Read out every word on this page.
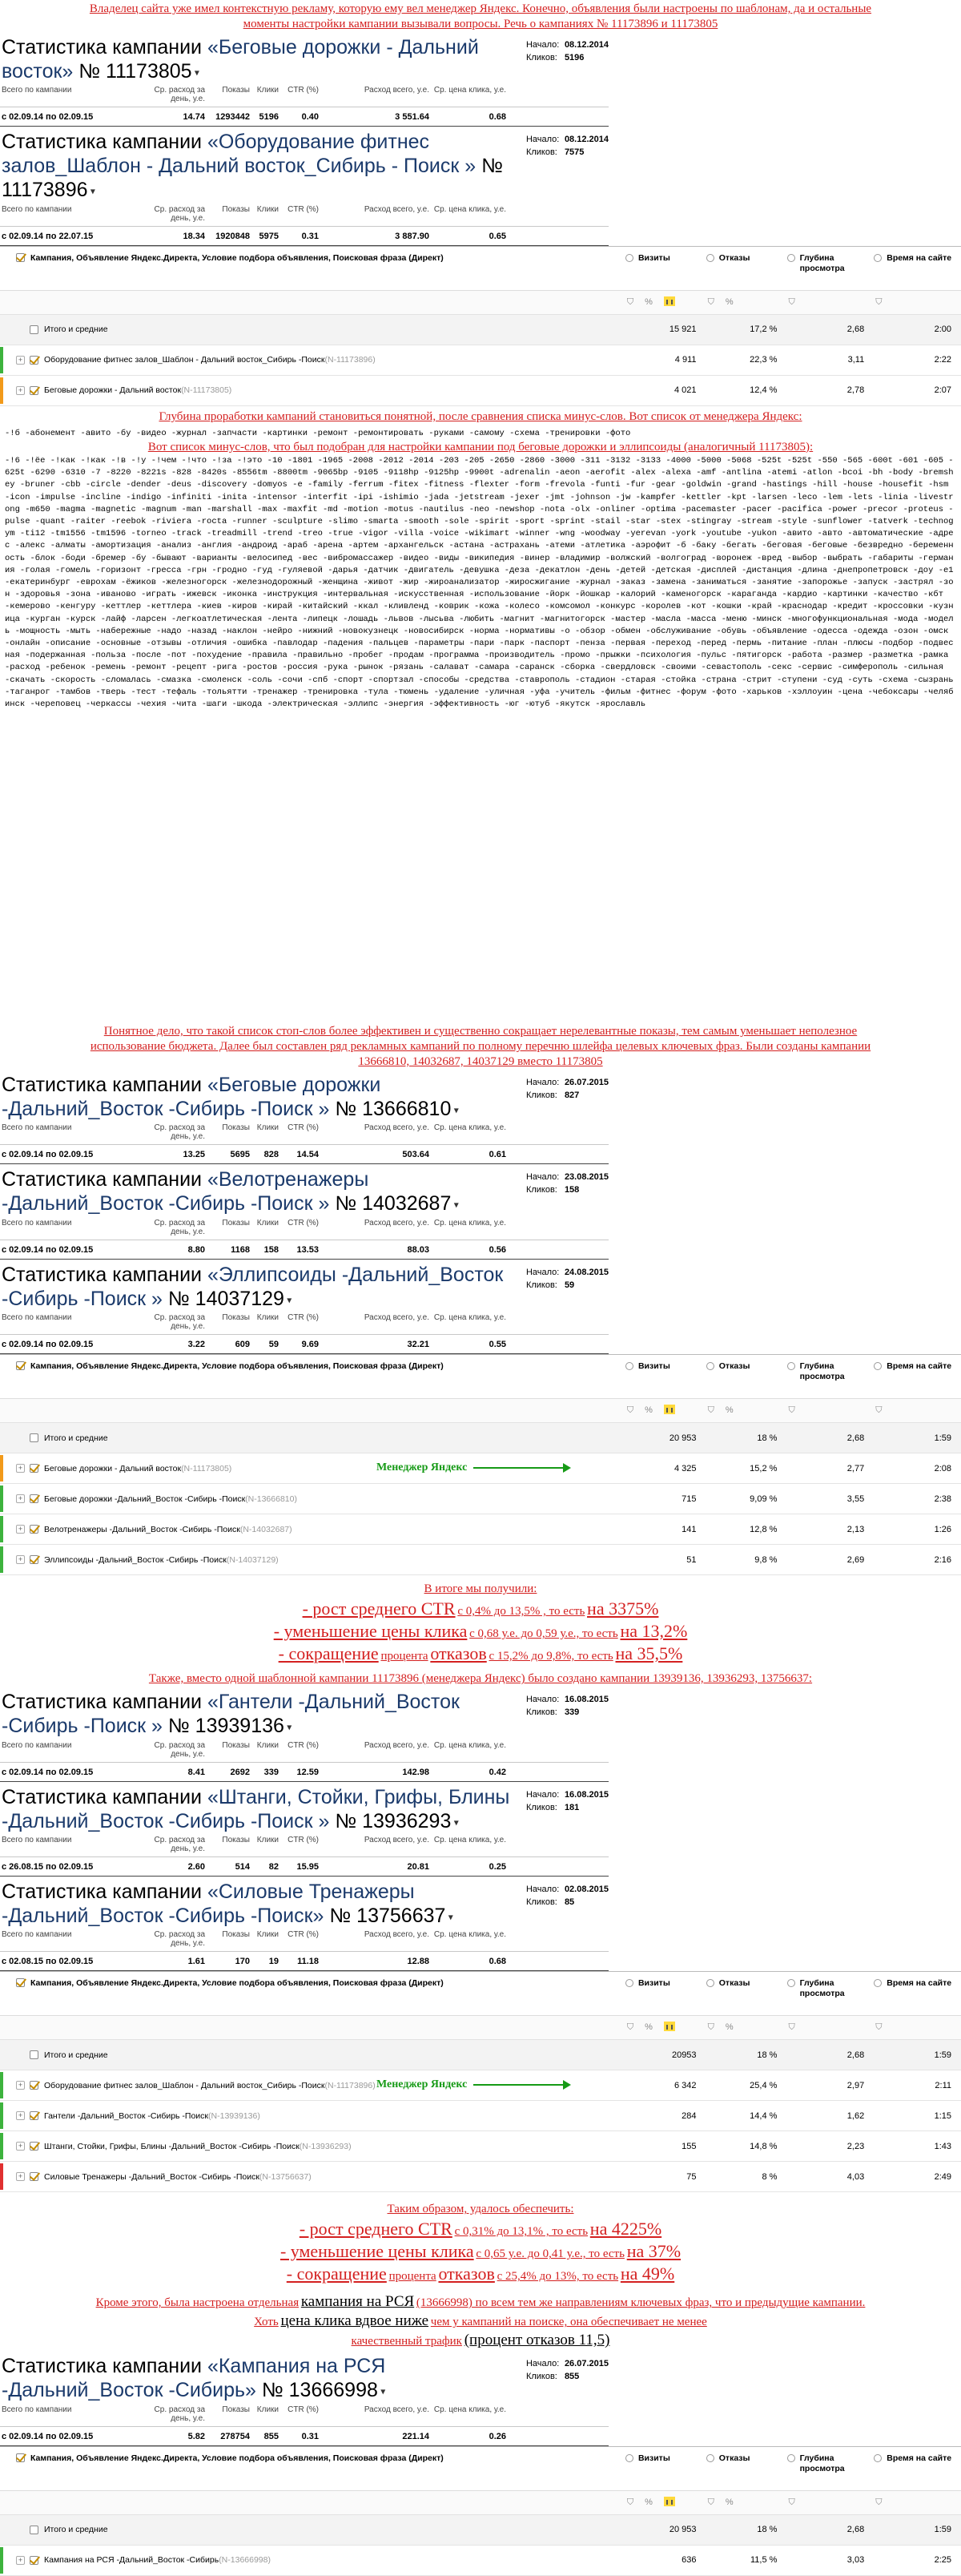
Владелец сайта уже имел контекстную рекламу, которую ему вел менеджер Яндекс. Конечно, объявления были настроены по шаблонам, да и остальные моменты настройки кампании вызывали вопросы. Речь о кампаниях № 11173896 и 11173805
Статистика кампании «Беговые дорожки - Дальний восток» № 11173805 ▾
Начало: 08.12.2014
Кликов: 5196
Всего по кампании	Ср. расход за день, у.е.
Показы Клики	CTR (%)	Расход всего, у.е. Ср. цена клика, у.е.
с 02.09.14 по 02.09.15	14.74	1293442	5196	0.40	3 551.64	0.68
Статистика кампании «Оборудование фитнес залов_Шаблон - Дальний восток_Сибирь - Поиск » № 11173896 ▾
Начало: 08.12.2014
Кликов: 7575
Всего по кампании	Ср. расход за день, у.е.
Показы Клики	CTR (%)	Расход всего, у.е. Ср. цена клика, у.е.
с 02.09.14 по 22.07.15	18.34	1920848	5975	0.31	3 887.90	0.65
Кампания, Объявление Яндекс.Директа, Условие подбора объявления, Поисковая фраза (Директ)	Визиты	Отказы	Глубина просмотра
Время на сайте
⛉ %	⛉ %	⛉	⛉
Итого и средние	15 921	17,2 %	2,68	2:00
+	Оборудование фитнес залов_Шаблон - Дальний восток_Сибирь -Поиск (N-11173896)	4 911	22,3 %	3,11	2:22
+	Беговые дорожки - Дальний восток (N-11173805)	4 021	12,4 %	2,78	2:07
Глубина проработки кампаний становиться понятной, после сравнения списка минус-слов. Вот список от менеджера Яндекс:
-!б -абонемент -авито -бу -видео -журнал -запчасти -картинки -ремонт -ремонтировать -руками -самому -схема -тренировки -фото
Вот список минус-слов, что был подобран для настройки кампании под беговые дорожки и эллипсоиды (аналогичный 11173805):
-!6 -!ёе -!как -!как -!в -!у -!чем -!что -!за -!это -10 -1801 -1965 -2008 -2012 -2014 -203 -205 -2650 -2860 -3000 -311 -3132 -3133 -4000 -5000 -5068 -525t -525t -550 -565 -600t -601 -605 -625t -6290 -6310 -7 -8220 -8221s -828 -8420s -8556tm -8800tm -9065bp -9105 -9118hp -9125hp -9900t -adrenalin -aeon -aerofit -alex -alexa -amf -antlina -atemi -atlon -bcoi -bh -body -bremshey -bruner -cbb -circle -dender -deus -discovery -domyos -e -family -ferrum -fitex -fitness -flexter -form -frevola -funti -fur -gear -goldwin -grand -hastings -hill -house -housefit -hsm -icon -impulse -incline -indigo -infiniti -inita -intensor -interfit -ipi -ishimio -jada -jetstream -jexer -jmt -johnson -jw -kampfer -kettler -kpt -larsen -leco -lem -lets -linia -livestrong -m650 -magma -magnetic -magnum -man -marshall -max -maxfit -md -motion -motus -nautilus -neo -newshop -nota -olx -onliner -optima -pacemaster -pacer -pacifica -power -precor -proteus -pulse -quant -raiter -reebok -riviera -rocta -runner -sculpture -slimo -smarta -smooth -sole -spirit -sport -sprint -stail -star -stex -stingray -stream -style -sunflower -tatverk -technogym -ti12 -tm1556 -tm1596 -torneo -track -treadmill -trend -treo -true -vigor -villa -voice -wikimart -winner -wng -woodway -yerevan -york -youtube -yukon -авито -авто -автоматические -адрес -алекс -алматы -амортизация -анализ -англия -андроид -араб -арена -артем -архангельск -астана -астрахань -атеми -атлетика -аэрофит -б -баку -бегать -беговая -беговые -безвредно -беременность -блок -боди -бремер -бу -бывают -варианты -велосипед -вес -вибромассажер -видео -виды -википедия -винер -владимир -волжский -волгоград -воронеж -вред -выбор -выбрать -габариты -германия -голая -гомель -горизонт -гресса -грн -гродно -гуд -гуляевой -дарья -датчик -двигатель -девушка -деза -декатлон -день -детей -детская -дисплей -дистанция -длина -днепропетровск -доу -е1 -екатеринбург -еврохам -ёжиков -железногорск -железнодорожный -женщина -живот -жир -жироанализатор -жиросжигание -журнал -заказ -замена -заниматься -занятие -запорожье -запуск -застрял -зон -здоровья -зона -иваново -играть -ижевск -иконка -инструкция -интервальная -искусственная -использование -йорк -йошкар -калорий -каменогорск -караганда -кардио -картинки -качество -кбт -кемерово -кенгуру -кеттлер -кеттлера -киев -киров -кирай -китайский -ккал -кливленд -коврик -кожа -колесо -комсомол -конкурс -королев -кот -кошки -край -краснодар -кредит -кроссовки -кузница -курган -курск -лайф -ларсен -легкоатлетическая -лента -липецк -лошадь -львов -лысьва -любить -магнит -магнитогорск -мастер -масла -масса -меню -минск -многофункциональная -мода -модель -мощность -мыть -набережные -надо -назад -наклон -нейро -нижний -новокузнецк -новосибирск -норма -нормативы -о -обзор -обмен -обслуживание -обувь -объявление -одесса -одежда -озон -омск -онлайн -описание -основные -отзывы -отличия -ошибка -павлодар -падения -пальцев -параметры -пари -парк -паспорт -пенза -первая -переход -перед -пермь -питание -план -плюсы -подбор -подвесная -подержанная -польза -после -пот -похудение -правила -правильно -пробег -продам -программа -производитель -промо -прыжки -психология -пульс -пятигорск -работа -размер -разметка -рамка -расход -ребенок -ремень -ремонт -рецепт -рига -ростов -россия -рука -рынок -рязань -салават -самара -саранск -сборка -свердловск -своими -севастополь -секс -сервис -симферополь -сильная -скачать -скорость -сломалась -смазка -смоленск -соль -сочи -спб -спорт -спортзал -способы -средства -ставрополь -стадион -старая -стойка -страна -стрит -ступени -суд -суть -схема -сызрань -таганрог -тамбов -тверь -тест -тефаль -тольятти -тренажер -тренировка -тула -тюмень -удаление -уличная -уфа -учитель -фильм -фитнес -форум -фото -харьков -хэллоуин -цена -чебоксары -челябинск -череповец -черкассы -чехия -чита -шаги -шкода -электрическая -эллипс -энергия -эффективность -юг -ютуб -якутск -ярославль
Понятное дело, что такой список стоп-слов более эффективен и существенно сокращает нерелевантные показы, тем самым уменьшает неполезное использование бюджета. Далее был составлен ряд рекламных кампаний по полному перечню шлейфа целевых ключевых фраз. Были созданы кампании 13666810, 14032687, 14037129 вместо 11173805
Статистика кампании «Беговые дорожки -Дальний_Восток -Сибирь -Поиск » № 13666810 ▾
Начало: 26.07.2015
Кликов: 827
Всего по кампании	Ср. расход за день, у.е.
Показы Клики	CTR (%)	Расход всего, у.е. Ср. цена клика, у.е.
с 02.09.14 по 02.09.15	13.25	5695	828	14.54	503.64	0.61
Статистика кампании «Велотренажеры -Дальний_Восток -Сибирь -Поиск » № 14032687 ▾
Начало: 23.08.2015
Кликов: 158
Всего по кампании	Ср. расход за день, у.е.
Показы Клики	CTR (%)	Расход всего, у.е. Ср. цена клика, у.е.
с 02.09.14 по 02.09.15	8.80	1168	158	13.53	88.03	0.56
Статистика кампании «Эллипсоиды -Дальний_Восток -Сибирь -Поиск » № 14037129 ▾
Начало: 24.08.2015
Кликов: 59
Всего по кампании	Ср. расход за день, у.е.
Показы Клики	CTR (%)	Расход всего, у.е. Ср. цена клика, у.е.
с 02.09.14 по 02.09.15	3.22	609	59	9.69	32.21	0.55
Кампания, Объявление Яндекс.Директа, Условие подбора объявления, Поисковая фраза (Директ)	Визиты	Отказы	Глубина просмотра
Время на сайте
⛉ %	⛉ %	⛉	⛉
Итого и средние	20 953	18 %	2,68	1:59
+	Беговые дорожки - Дальний восток (N-11173805)	Менеджер Яндекс	4 325	15,2 %	2,77	2:08
+	Беговые дорожки -Дальний_Восток -Сибирь -Поиск (N-13666810)	715	9,09 %	3,55	2:38
+	Велотренажеры -Дальний_Восток -Сибирь -Поиск (N-14032687)	141	12,8 %	2,13	1:26
+	Эллипсоиды -Дальний_Восток -Сибирь -Поиск (N-14037129)	51	9,8 %	2,69	2:16
В итоге мы получили:
- рост среднего CTR с 0,4% до 13,5% , то есть на 3375%
- уменьшение цены клика с 0,68 у.е. до 0,59 у.е., то есть на 13,2%
- сокращение процента отказов с 15,2% до 9,8%, то есть на 35,5%
Также, вместо одной шаблонной кампании 11173896 (менеджера Яндекс) было создано кампании 13939136, 13936293, 13756637:
Статистика кампании «Гантели -Дальний_Восток -Сибирь -Поиск » № 13939136 ▾
Начало: 16.08.2015
Кликов: 339
Всего по кампании	Ср. расход за день, у.е.
Показы Клики	CTR (%)	Расход всего, у.е. Ср. цена клика, у.е.
с 02.09.14 по 02.09.15	8.41	2692	339	12.59	142.98	0.42
Статистика кампании «Штанги, Стойки, Грифы, Блины -Дальний_Восток -Сибирь -Поиск » № 13936293 ▾
Начало: 16.08.2015
Кликов: 181
Всего по кампании	Ср. расход за день, у.е.
Показы Клики	CTR (%)	Расход всего, у.е. Ср. цена клика, у.е.
с 26.08.15 по 02.09.15	2.60	514	82	15.95	20.81	0.25
Статистика кампании «Силовые Тренажеры -Дальний_Восток -Сибирь -Поиск» № 13756637 ▾
Начало: 02.08.2015
Кликов: 85
Всего по кампании	Ср. расход за день, у.е.
Показы Клики	CTR (%)	Расход всего, у.е. Ср. цена клика, у.е.
с 02.08.15 по 02.09.15	1.61	170	19	11.18	12.88	0.68
Кампания, Объявление Яндекс.Директа, Условие подбора объявления, Поисковая фраза (Директ)	Визиты	Отказы	Глубина просмотра
Время на сайте
⛉ %	⛉ %	⛉	⛉
Итого и средние	20953	18 %	2,68	1:59
+	Оборудование фитнес залов_Шаблон - Дальний восток_Сибирь -Поиск (N-11173896) Менеджер Яндекс	6 342	25,4 %	2,97	2:11
+	Гантели -Дальний_Восток -Сибирь -Поиск (N-13939136)	284	14,4 %	1,62	1:15
+	Штанги, Стойки, Грифы, Блины -Дальний_Восток -Сибирь -Поиск (N-13936293)	155	14,8 %	2,23	1:43
+	Силовые Тренажеры -Дальний_Восток -Сибирь -Поиск (N-13756637)	75	8 %	4,03	2:49
Таким образом, удалось обеспечить:
- рост среднего CTR с 0,31% до 13,1% , то есть на 4225%
- уменьшение цены клика с 0,65 у.е. до 0,41 у.е., то есть на 37%
- сокращение процента отказов с 25,4% до 13%, то есть на 49%
Кроме этого, была настроена отдельная кампания на РСЯ (13666998) по всем тем же направлениям ключевых фраз, что и предыдущие кампании.
Хоть цена клика вдвое ниже чем у кампаний на поиске, она обеспечивает не менее
качественный трафик (процент отказов 11,5)
Статистика кампании «Кампания на РСЯ -Дальний_Восток -Сибирь» № 13666998 ▾
Начало: 26.07.2015
Кликов: 855
Всего по кампании	Ср. расход за день, у.е.
Показы Клики	CTR (%)	Расход всего, у.е. Ср. цена клика, у.е.
с 02.09.14 по 02.09.15	5.82	278754	855	0.31	221.14	0.26
Кампания, Объявление Яндекс.Директа, Условие подбора объявления, Поисковая фраза (Директ)	Визиты	Отказы	Глубина просмотра
Время на сайте
⛉ %	⛉ %	⛉	⛉
Итого и средние	20 953	18 %	2,68	1:59
+	Кампания на РСЯ -Дальний_Восток -Сибирь (N-13666998)	636	11,5 %	3,03	2:25
